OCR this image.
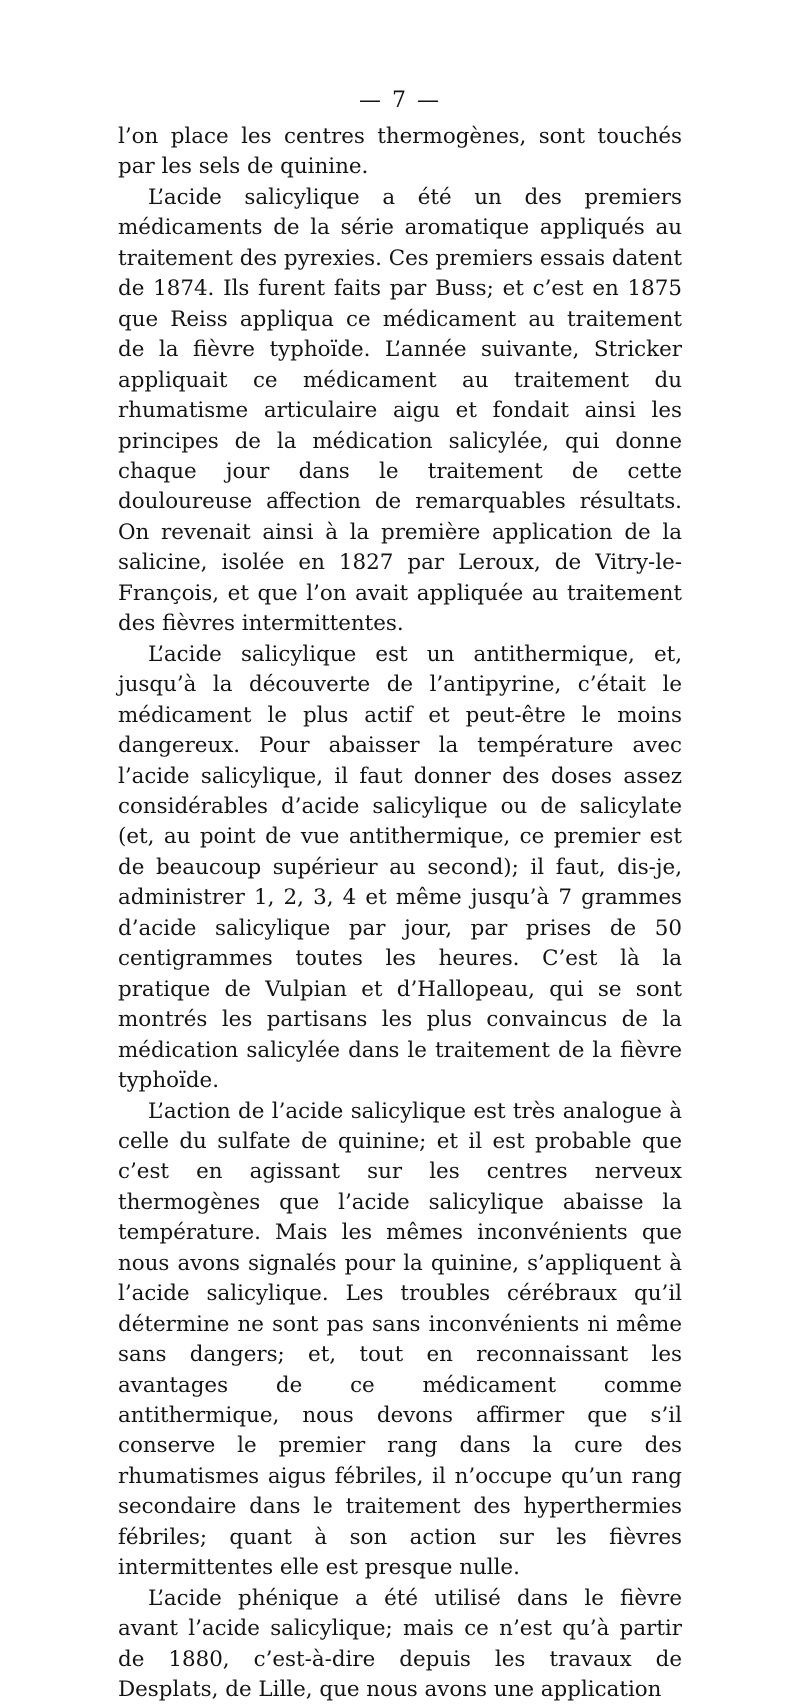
— 7 —
l’on place les centres thermogènes, sont touchés par les sels de quinine.
L’acide salicylique a été un des premiers médicaments de la série aromatique appliqués au traitement des pyrexies. Ces premiers essais datent de 1874. Ils furent faits par Buss; et c’est en 1875 que Reiss appliqua ce médicament au traitement de la fièvre typhoïde. L’année suivante, Stricker appliquait ce médicament au traitement du rhumatisme articulaire aigu et fondait ainsi les principes de la médication salicylée, qui donne chaque jour dans le traitement de cette douloureuse affection de remarquables résultats. On revenait ainsi à la première application de la salicine, isolée en 1827 par Leroux, de Vitry-le-François, et que l’on avait appliquée au traitement des fièvres intermittentes.
L’acide salicylique est un antithermique, et, jusqu’à la découverte de l’antipyrine, c’était le médicament le plus actif et peut-être le moins dangereux. Pour abaisser la température avec l’acide salicylique, il faut donner des doses assez considérables d’acide salicylique ou de salicylate (et, au point de vue antithermique, ce premier est de beaucoup supérieur au second); il faut, dis-je, administrer 1, 2, 3, 4 et même jusqu’à 7 grammes d’acide salicylique par jour, par prises de 50 centigrammes toutes les heures. C’est là la pratique de Vulpian et d’Hallopeau, qui se sont montrés les partisans les plus convaincus de la médication salicylée dans le traitement de la fièvre typhoïde.
L’action de l’acide salicylique est très analogue à celle du sulfate de quinine; et il est probable que c’est en agissant sur les centres nerveux thermogènes que l’acide salicylique abaisse la température. Mais les mêmes inconvénients que nous avons signalés pour la quinine, s’appliquent à l’acide salicylique. Les troubles cérébraux qu’il détermine ne sont pas sans inconvénients ni même sans dangers; et, tout en reconnaissant les avantages de ce médicament comme antithermique, nous devons affirmer que s’il conserve le premier rang dans la cure des rhumatismes aigus fébriles, il n’occupe qu’un rang secondaire dans le traitement des hyperthermies fébriles; quant à son action sur les fièvres intermittentes elle est presque nulle.
L’acide phénique a été utilisé dans le fièvre avant l’acide salicylique; mais ce n’est qu’à partir de 1880, c’est-à-dire depuis les travaux de Desplats, de Lille, que nous avons une application
